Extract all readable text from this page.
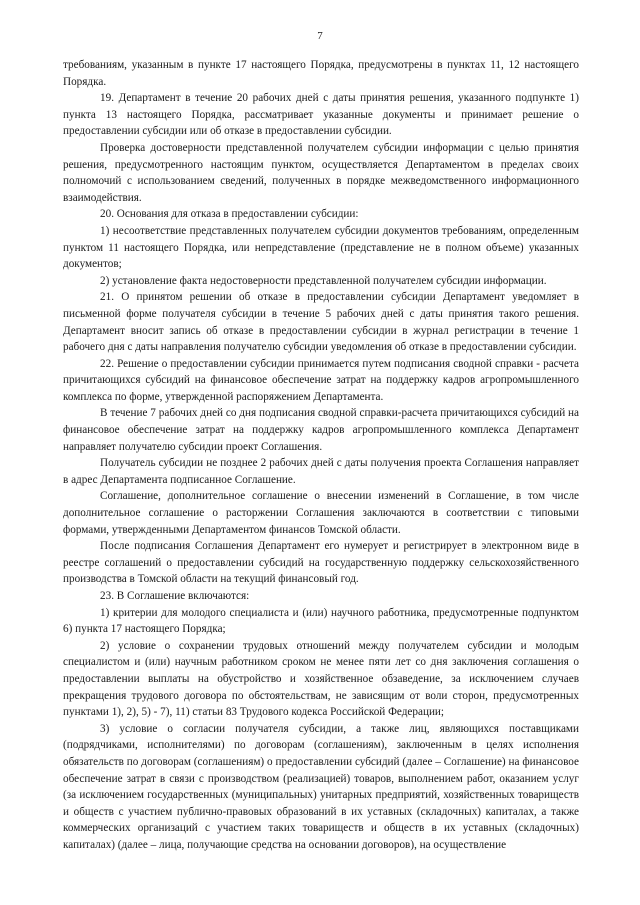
7

требованиям, указанным в пункте 17 настоящего Порядка, предусмотрены в пунктах 11, 12 настоящего Порядка.

19. Департамент в течение 20 рабочих дней с даты принятия решения, указанного подпункте 1) пункта 13 настоящего Порядка, рассматривает указанные документы и принимает решение о предоставлении субсидии или об отказе в предоставлении субсидии.

Проверка достоверности представленной получателем субсидии информации с целью принятия решения, предусмотренного настоящим пунктом, осуществляется Департаментом в пределах своих полномочий с использованием сведений, полученных в порядке межведомственного информационного взаимодействия.

20. Основания для отказа в предоставлении субсидии:

1) несоответствие представленных получателем субсидии документов требованиям, определенным пунктом 11 настоящего Порядка, или непредставление (представление не в полном объеме) указанных документов;

2) установление факта недостоверности представленной получателем субсидии информации.

21. О принятом решении об отказе в предоставлении субсидии Департамент уведомляет в письменной форме получателя субсидии в течение 5 рабочих дней с даты принятия такого решения. Департамент вносит запись об отказе в предоставлении субсидии в журнал регистрации в течение 1 рабочего дня с даты направления получателю субсидии уведомления об отказе в предоставлении субсидии.

22. Решение о предоставлении субсидии принимается путем подписания сводной справки - расчета причитающихся субсидий на финансовое обеспечение затрат на поддержку кадров агропромышленного комплекса по форме, утвержденной распоряжением Департамента.

В течение 7 рабочих дней со дня подписания сводной справки-расчета причитающихся субсидий на финансовое обеспечение затрат на поддержку кадров агропромышленного комплекса Департамент направляет получателю субсидии проект Соглашения.

Получатель субсидии не позднее 2 рабочих дней с даты получения проекта Соглашения направляет в адрес Департамента подписанное Соглашение.

Соглашение, дополнительное соглашение о внесении изменений в Соглашение, в том числе дополнительное соглашение о расторжении Соглашения заключаются в соответствии с типовыми формами, утвержденными Департаментом финансов Томской области.

После подписания Соглашения Департамент его нумерует и регистрирует в электронном виде в реестре соглашений о предоставлении субсидий на государственную поддержку сельскохозяйственного производства в Томской области на текущий финансовый год.

23. В Соглашение включаются:

1) критерии для молодого специалиста и (или) научного работника, предусмотренные подпунктом 6) пункта 17 настоящего Порядка;

2) условие о сохранении трудовых отношений между получателем субсидии и молодым специалистом и (или) научным работником сроком не менее пяти лет со дня заключения соглашения о предоставлении выплаты на обустройство и хозяйственное обзаведение, за исключением случаев прекращения трудового договора по обстоятельствам, не зависящим от воли сторон, предусмотренных пунктами 1), 2), 5) - 7), 11) статьи 83 Трудового кодекса Российской Федерации;

3) условие о согласии получателя субсидии, а также лиц, являющихся поставщиками (подрядчиками, исполнителями) по договорам (соглашениям), заключенным в целях исполнения обязательств по договорам (соглашениям) о предоставлении субсидий (далее – Соглашение) на финансовое обеспечение затрат в связи с производством (реализацией) товаров, выполнением работ, оказанием услуг (за исключением государственных (муниципальных) унитарных предприятий, хозяйственных товариществ и обществ с участием публично-правовых образований в их уставных (складочных) капиталах, а также коммерческих организаций с участием таких товариществ и обществ в их уставных (складочных) капиталах) (далее – лица, получающие средства на основании договоров), на осуществление
